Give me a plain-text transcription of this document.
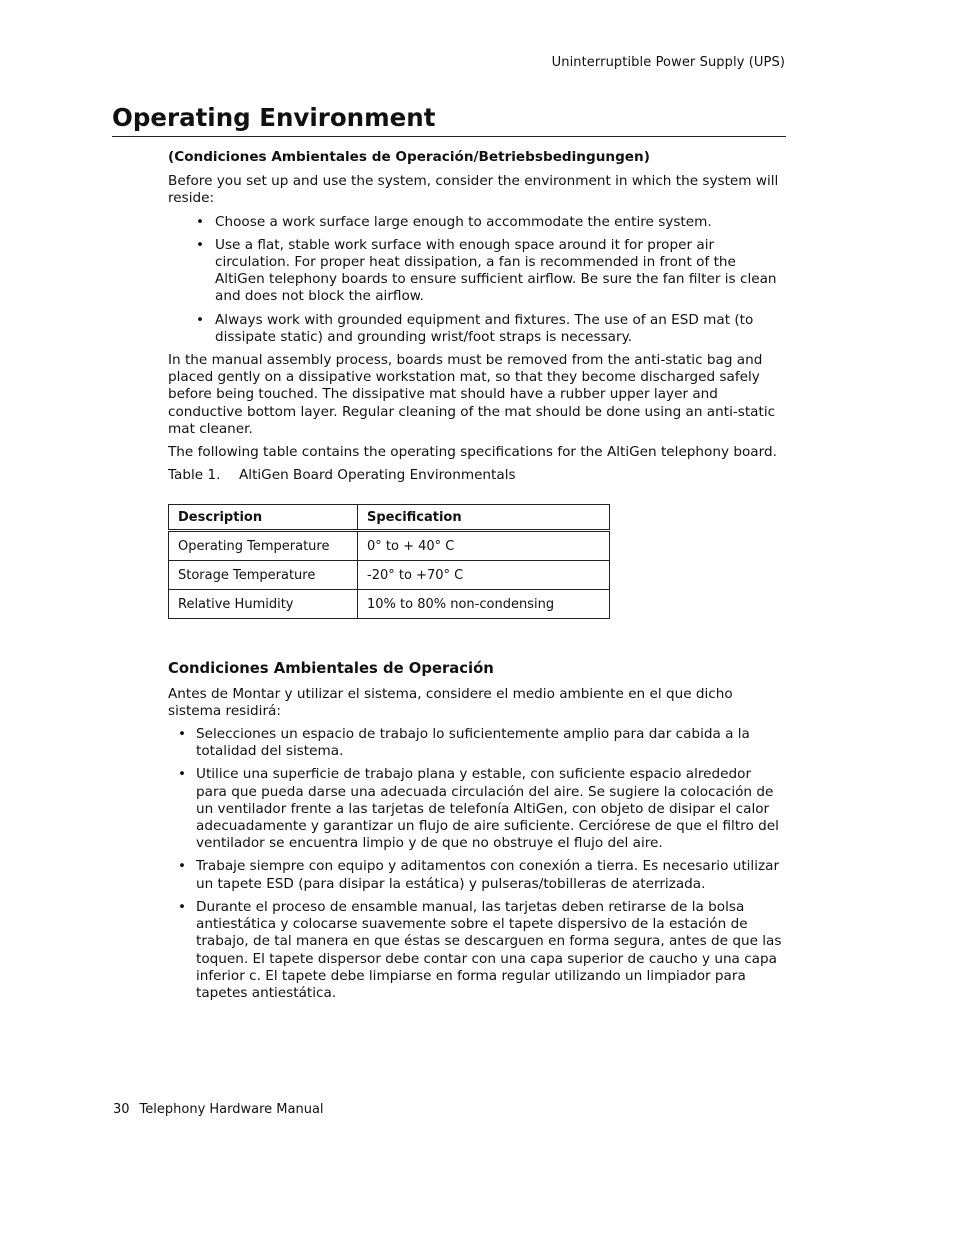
Uninterruptible Power Supply (UPS)
Operating Environment
(Condiciones Ambientales de Operación/Betriebsbedingungen)

Before you set up and use the system, consider the environment in which the system will reside:

• Choose a work surface large enough to accommodate the entire system.
• Use a flat, stable work surface with enough space around it for proper air circulation. For proper heat dissipation, a fan is recommended in front of the AltiGen telephony boards to ensure sufficient airflow. Be sure the fan filter is clean and does not block the airflow.
• Always work with grounded equipment and fixtures. The use of an ESD mat (to dissipate static) and grounding wrist/foot straps is necessary.

In the manual assembly process, boards must be removed from the anti-static bag and placed gently on a dissipative workstation mat, so that they become discharged safely before being touched. The dissipative mat should have a rubber upper layer and conductive bottom layer. Regular cleaning of the mat should be done using an anti-static mat cleaner.

The following table contains the operating specifications for the AltiGen telephony board.

Table 1. AltiGen Board Operating Environmentals
Description	Specification
Operating Temperature	0° to + 40° C
Storage Temperature	-20° to +70° C
Relative Humidity	10% to 80% non-condensing
Condiciones Ambientales de Operación

Antes de Montar y utilizar el sistema, considere el medio ambiente en el que dicho sistema residirá:

• Selecciones un espacio de trabajo lo suficientemente amplio para dar cabida a la totalidad del sistema.
• Utilice una superficie de trabajo plana y estable, con suficiente espacio alrededor para que pueda darse una adecuada circulación del aire. Se sugiere la colocación de un ventilador frente a las tarjetas de telefonía AltiGen, con objeto de disipar el calor adecuadamente y garantizar un flujo de aire suficiente. Cerciórese de que el filtro del ventilador se encuentra limpio y de que no obstruye el flujo del aire.
• Trabaje siempre con equipo y aditamentos con conexión a tierra. Es necesario utilizar un tapete ESD (para disipar la estática) y pulseras/tobilleras de aterrizada.
• Durante el proceso de ensamble manual, las tarjetas deben retirarse de la bolsa antiestática y colocarse suavemente sobre el tapete dispersivo de la estación de trabajo, de tal manera en que éstas se descarguen en forma segura, antes de que las toquen. El tapete dispersor debe contar con una capa superior de caucho y una capa inferior c. El tapete debe limpiarse en forma regular utilizando un limpiador para tapetes antiestática.
30 Telephony Hardware Manual
